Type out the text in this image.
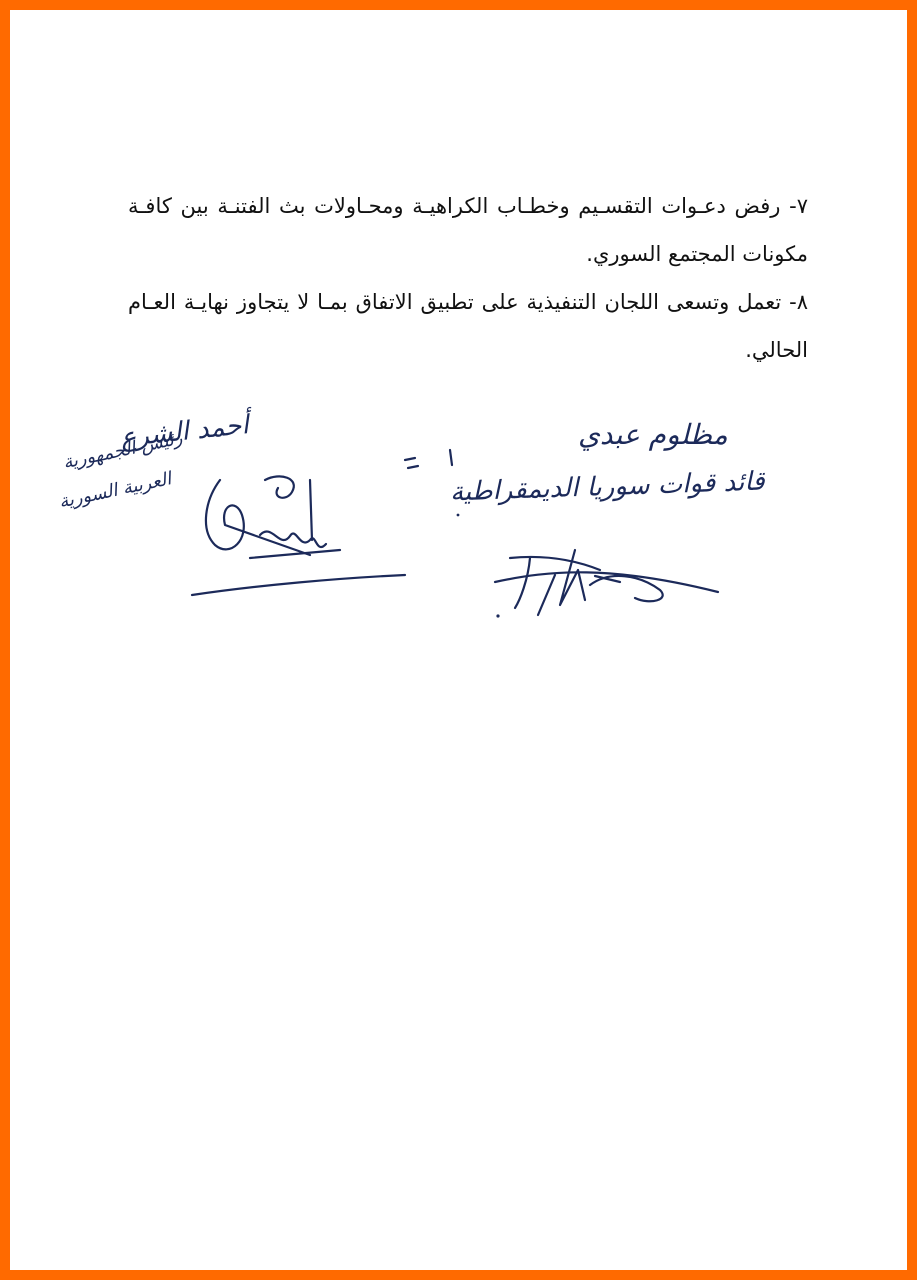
٧- رفض دعـوات التقسـيم وخطـاب الكراهيـة ومحـاولات بث الفتنـة بين كافـة مكونات المجتمع السوري.

٨- تعمل وتسعى اللجان التنفيذية على تطبيق الاتفاق بمـا لا يتجاوز نهايـة العـام الحالي.

أحمد الشرع
رئيس الجمهورية
العربية السورية
مظلوم عبدي
قائد قوات سوريا الديمقراطية
